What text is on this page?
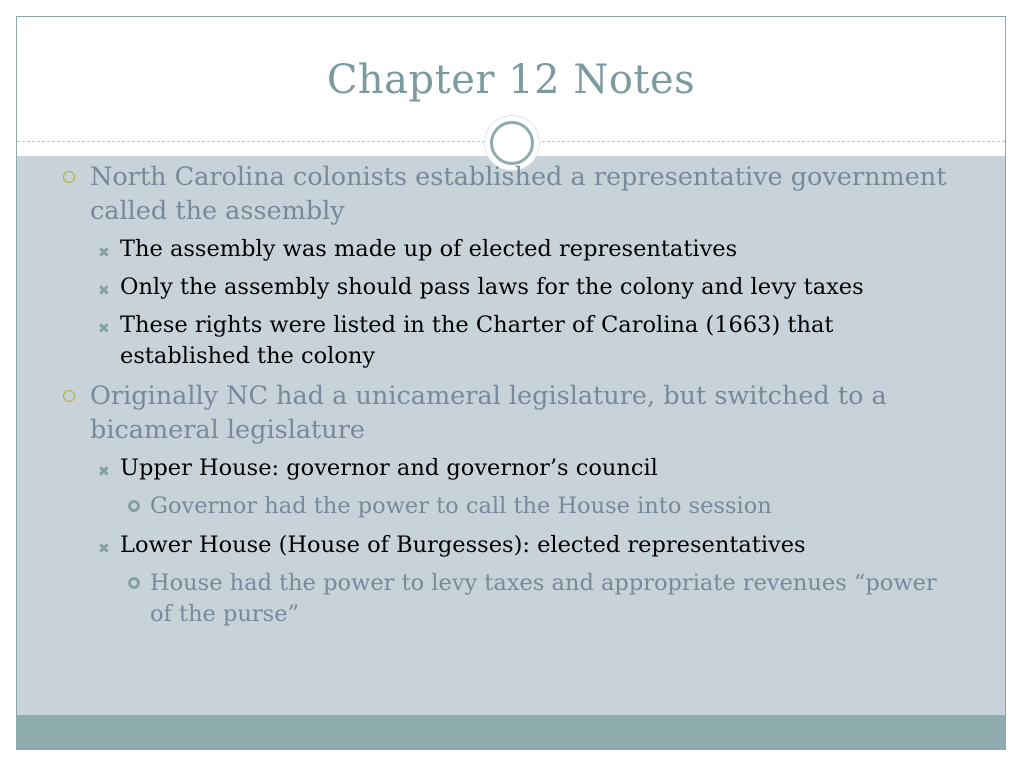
Chapter 12 Notes
North Carolina colonists established a representative government called the assembly
✖ The assembly was made up of elected representatives
✖ Only the assembly should pass laws for the colony and levy taxes
✖ These rights were listed in the Charter of Carolina (1663) that established the colony
Originally NC had a unicameral legislature, but switched to a bicameral legislature
✖ Upper House: governor and governor’s council
Governor had the power to call the House into session
✖ Lower House (House of Burgesses): elected representatives
House had the power to levy taxes and appropriate revenues “power of the purse”
